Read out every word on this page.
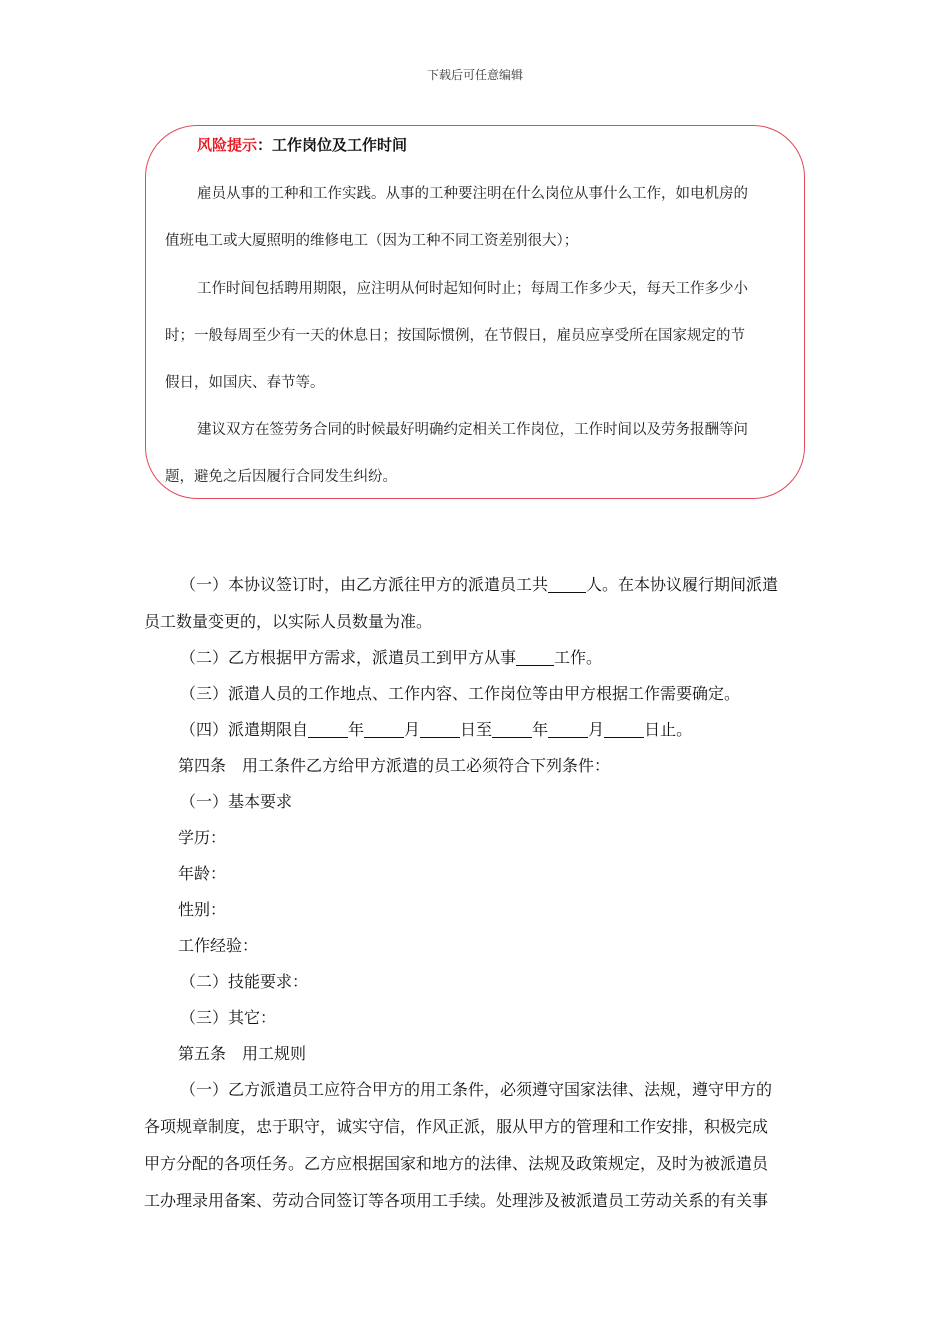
下载后可任意编辑
风险提示：工作岗位及工作时间
雇员从事的工种和工作实践。从事的工种要注明在什么岗位从事什么工作，如电机房的
值班电工或大厦照明的维修电工（因为工种不同工资差别很大）；
工作时间包括聘用期限，应注明从何时起知何时止；每周工作多少天，每天工作多少小
时；一般每周至少有一天的休息日；按国际惯例，在节假日，雇员应享受所在国家规定的节
假日，如国庆、春节等。
建议双方在签劳务合同的时候最好明确约定相关工作岗位，工作时间以及劳务报酬等问
题，避免之后因履行合同发生纠纷。
（一）本协议签订时，由乙方派往甲方的派遣员工共 人。在本协议履行期间派遣
员工数量变更的，以实际人员数量为准。
（二）乙方根据甲方需求，派遣员工到甲方从事 工作。
（三）派遣人员的工作地点、工作内容、工作岗位等由甲方根据工作需要确定。
（四）派遣期限自	年	月	日至	年	月	日止。
第四条　用工条件乙方给甲方派遣的员工必须符合下列条件：
（一）基本要求
学历：
年龄：
性别：
工作经验：
（二）技能要求：
（三）其它：
第五条　用工规则
（一）乙方派遣员工应符合甲方的用工条件，必须遵守国家法律、法规，遵守甲方的
各项规章制度，忠于职守，诚实守信，作风正派，服从甲方的管理和工作安排，积极完成
甲方分配的各项任务。乙方应根据国家和地方的法律、法规及政策规定，及时为被派遣员
工办理录用备案、劳动合同签订等各项用工手续。处理涉及被派遣员工劳动关系的有关事
